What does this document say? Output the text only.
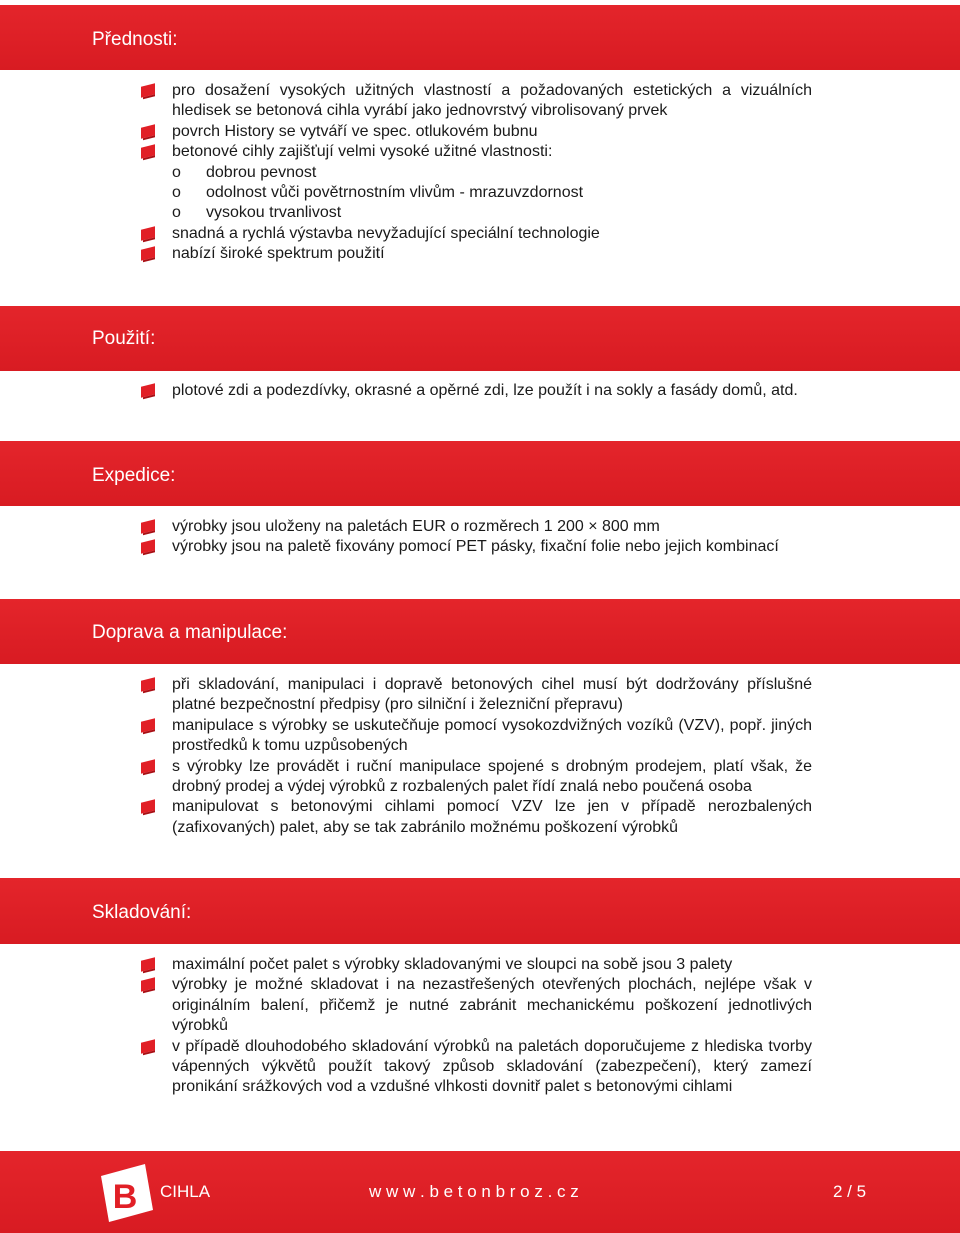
Přednosti:
pro dosažení vysokých užitných vlastností a požadovaných estetických a vizuálních hledisek se betonová cihla vyrábí jako jednovrstvý vibrolisovaný prvek
povrch History se vytváří ve spec. otlukovém bubnu
betonové cihly zajišťují velmi vysoké užitné vlastnosti:
o dobrou pevnost
o odolnost vůči povětrnostním vlivům - mrazuvzdornost
o vysokou trvanlivost
snadná a rychlá výstavba nevyžadující speciální technologie
nabízí široké spektrum použití
Použití:
plotové zdi a podezdívky, okrasné a opěrné zdi, lze použít i na sokly a fasády domů, atd.
Expedice:
výrobky jsou uloženy na paletách EUR o rozměrech 1 200 × 800 mm
výrobky jsou na paletě fixovány pomocí PET pásky, fixační folie nebo jejich kombinací
Doprava a manipulace:
při skladování, manipulaci i dopravě betonových cihel musí být dodržovány příslušné platné bezpečnostní předpisy (pro silniční i železniční přepravu)
manipulace s výrobky se uskutečňuje pomocí vysokozdvižných vozíků (VZV), popř. jiných prostředků k tomu uzpůsobených
s výrobky lze provádět i ruční manipulace spojené s drobným prodejem, platí však, že drobný prodej a výdej výrobků z rozbalených palet řídí znalá nebo poučená osoba
manipulovat s betonovými cihlami pomocí VZV lze jen v případě nerozbalených (zafixovaných) palet, aby se tak zabránilo možnému poškození výrobků
Skladování:
maximální počet palet s výrobky skladovanými ve sloupci na sobě jsou 3 palety
výrobky je možné skladovat i na nezastřešených otevřených plochách, nejlépe však v originálním balení, přičemž je nutné zabránit mechanickému poškození jednotlivých výrobků
v případě dlouhodobého skladování výrobků na paletách doporučujeme z hlediska tvorby vápenných výkvětů použít takový způsob skladování (zabezpečení), který zamezí pronikání srážkových vod a vzdušné vlhkosti dovnitř palet s betonovými cihlami
B CIHLA	w w w . b e t o n b r o z . c z	2 / 5
